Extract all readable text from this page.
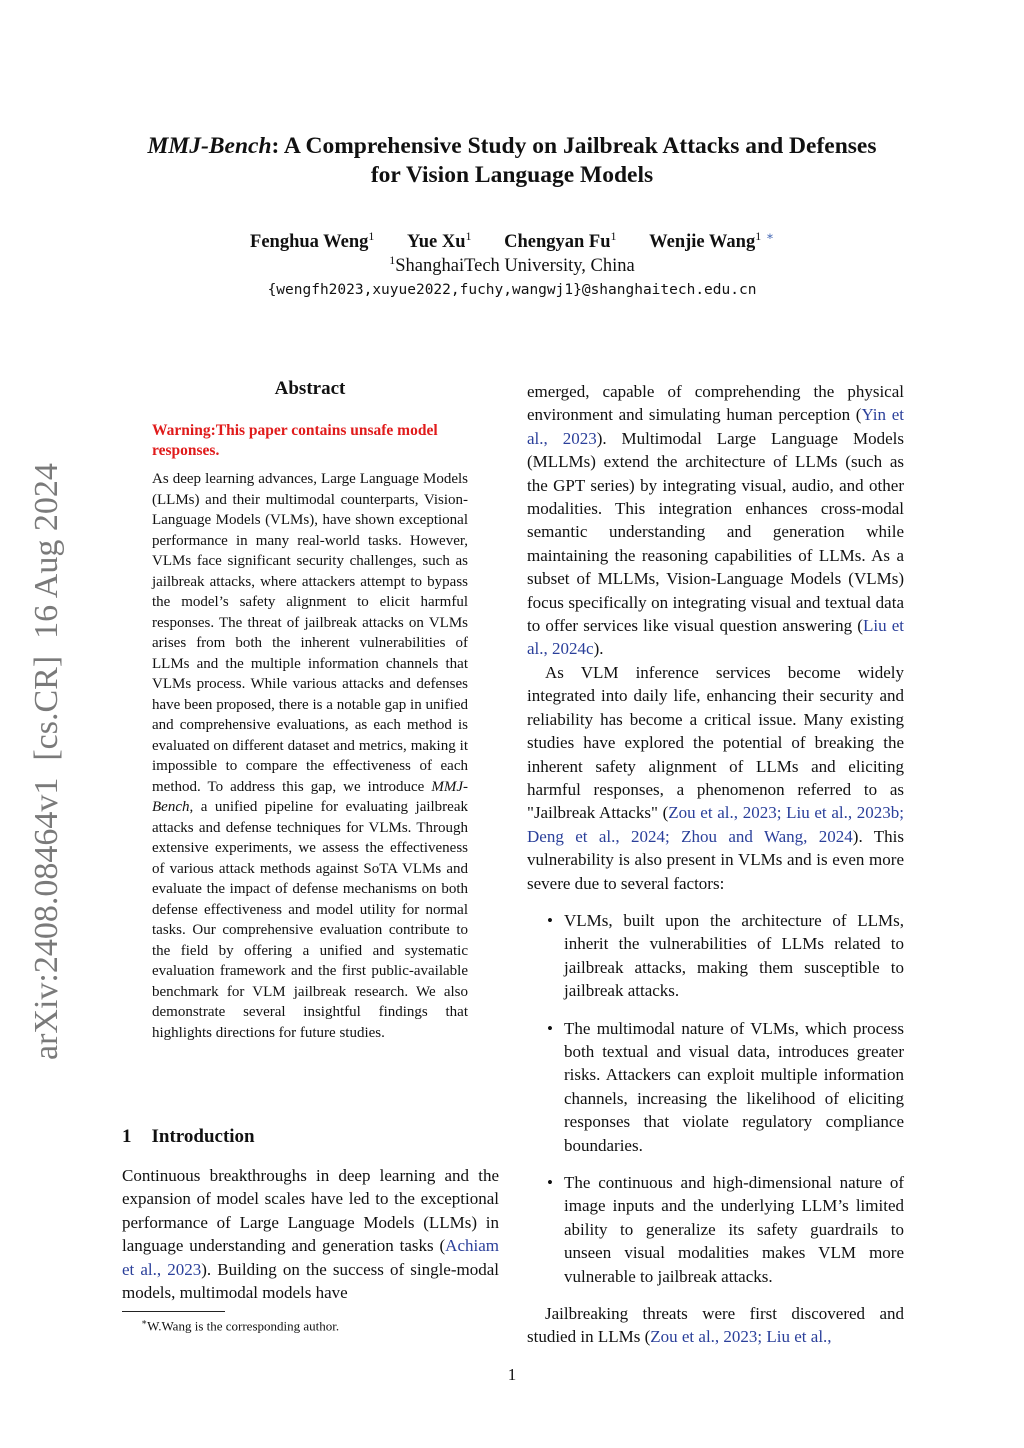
MMJ-Bench: A Comprehensive Study on Jailbreak Attacks and Defenses
for Vision Language Models
Fenghua Weng$^1$ Yue Xu$^1$ Chengyan Fu$^1$ Wenjie Wang$^1$ ∗
$^1$ShanghaiTech University, China
{wengfh2023,xuyue2022,fuchy,wangwj1}@shanghaitech.edu.cn
arXiv:2408.08464v1  [cs.CR]  16 Aug 2024
Abstract
Warning:This paper contains unsafe model responses.
As deep learning advances, Large Language Models (LLMs) and their multimodal counterparts, Vision-Language Models (VLMs), have shown exceptional performance in many real-world tasks. However, VLMs face significant security challenges, such as jailbreak attacks, where attackers attempt to bypass the model’s safety alignment to elicit harmful responses. The threat of jailbreak attacks on VLMs arises from both the inherent vulnerabilities of LLMs and the multiple information channels that VLMs process. While various attacks and defenses have been proposed, there is a notable gap in unified and comprehensive evaluations, as each method is evaluated on different dataset and metrics, making it impossible to compare the effectiveness of each method. To address this gap, we introduce MMJ-Bench, a unified pipeline for evaluating jailbreak attacks and defense techniques for VLMs. Through extensive experiments, we assess the effectiveness of various attack methods against SoTA VLMs and evaluate the impact of defense mechanisms on both defense effectiveness and model utility for normal tasks. Our comprehensive evaluation contribute to the field by offering a unified and systematic evaluation framework and the first public-available benchmark for VLM jailbreak research. We also demonstrate several insightful findings that highlights directions for future studies.
1 Introduction
Continuous breakthroughs in deep learning and the expansion of model scales have led to the exceptional performance of Large Language Models (LLMs) in language understanding and generation tasks (Achiam et al., 2023). Building on the success of single-modal models, multimodal models have

emerged, capable of comprehending the physical environment and simulating human perception (Yin et al., 2023). Multimodal Large Language Models (MLLMs) extend the architecture of LLMs (such as the GPT series) by integrating visual, audio, and other modalities. This integration enhances cross-modal semantic understanding and generation while maintaining the reasoning capabilities of LLMs. As a subset of MLLMs, Vision-Language Models (VLMs) focus specifically on integrating visual and textual data to offer services like visual question answering (Liu et al., 2024c).

As VLM inference services become widely integrated into daily life, enhancing their security and reliability has become a critical issue. Many existing studies have explored the potential of breaking the inherent safety alignment of LLMs and eliciting harmful responses, a phenomenon referred to as "Jailbreak Attacks" (Zou et al., 2023; Liu et al., 2023b; Deng et al., 2024; Zhou and Wang, 2024). This vulnerability is also present in VLMs and is even more severe due to several factors:

• VLMs, built upon the architecture of LLMs, inherit the vulnerabilities of LLMs related to jailbreak attacks, making them susceptible to jailbreak attacks.
• The multimodal nature of VLMs, which process both textual and visual data, introduces greater risks. Attackers can exploit multiple information channels, increasing the likelihood of eliciting responses that violate regulatory compliance boundaries.
• The continuous and high-dimensional nature of image inputs and the underlying LLM’s limited ability to generalize its safety guardrails to unseen visual modalities makes VLM more vulnerable to jailbreak attacks.

Jailbreaking threats were first discovered and studied in LLMs (Zou et al., 2023; Liu et al.,

∗W.Wang is the corresponding author.
1
